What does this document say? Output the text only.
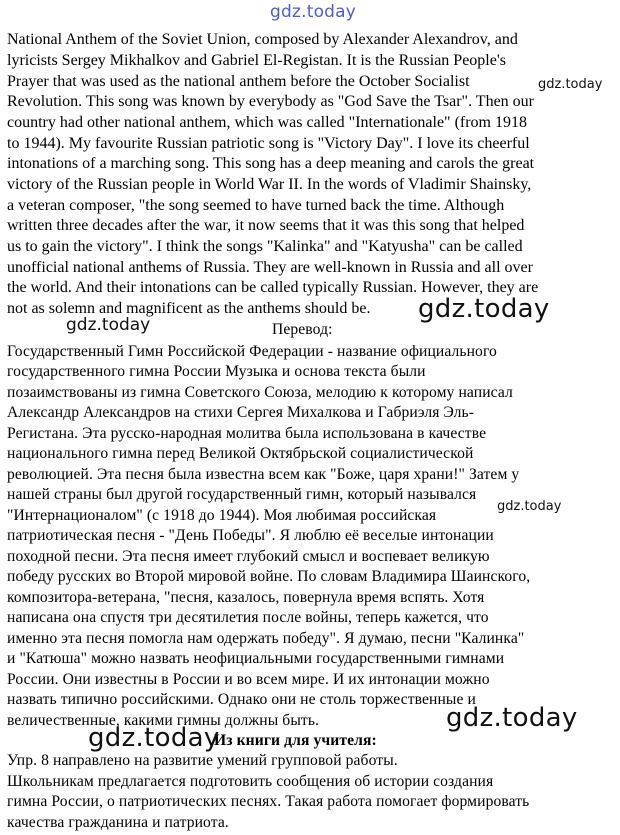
gdz.today
National Anthem of the Soviet Union, composed by Alexander Alexandrov, and
lyricists Sergey Mikhalkov and Gabriel El-Registan. It is the Russian People's
Prayer that was used as the national anthem before the October Socialist
Revolution. This song was known by everybody as "God Save the Tsar". Then our
country had other national anthem, which was called "Internationale" (from 1918
to 1944). My favourite Russian patriotic song is "Victory Day". I love its cheerful
intonations of a marching song. This song has a deep meaning and carols the great
victory of the Russian people in World War II. In the words of Vladimir Shainsky,
a veteran composer, "the song seemed to have turned back the time. Although
written three decades after the war, it now seems that it was this song that helped
us to gain the victory". I think the songs "Kalinka" and "Katyusha" can be called
unofficial national anthems of Russia. They are well-known in Russia and all over
the world. And their intonations can be called typically Russian. However, they are
not as solemn and magnificent as the anthems should be.
Перевод:
Государственный Гимн Российской Федерации - название официального
государственного гимна России Музыка и основа текста были
позаимствованы из гимна Советского Союза, мелодию к которому написал
Александр Александров на стихи Сергея Михалкова и Габриэля Эль-
Регистана. Эта русско-народная молитва была использована в качестве
национального гимна перед Великой Октябрьской социалистической
революцией. Эта песня была известна всем как "Боже, царя храни!" Затем у
нашей страны был другой государственный гимн, который назывался
"Интернационалом" (с 1918 до 1944). Моя любимая российская
патриотическая песня - "День Победы". Я люблю её веселые интонации
походной песни. Эта песня имеет глубокий смысл и воспевает великую
победу русских во Второй мировой войне. По словам Владимира Шаинского,
композитора-ветерана, "песня, казалось, повернула время вспять. Хотя
написана она спустя три десятилетия после войны, теперь кажется, что
именно эта песня помогла нам одержать победу". Я думаю, песни "Калинка"
и "Катюша" можно назвать неофициальными государственными гимнами
России. Они известны в России и во всем мире. И их интонации можно
назвать типично российскими. Однако они не столь торжественные и
величественные, какими гимны должны быть.
Из книги для учителя:
Упр. 8 направлено на развитие умений групповой работы.
Школьникам предлагается подготовить сообщения об истории создания
гимна России, о патриотических песнях. Такая работа помогает формировать
качества гражданина и патриота.
gdz.today
gdz.today
gdz.today
gdz.today
gdz.today
gdz.today
